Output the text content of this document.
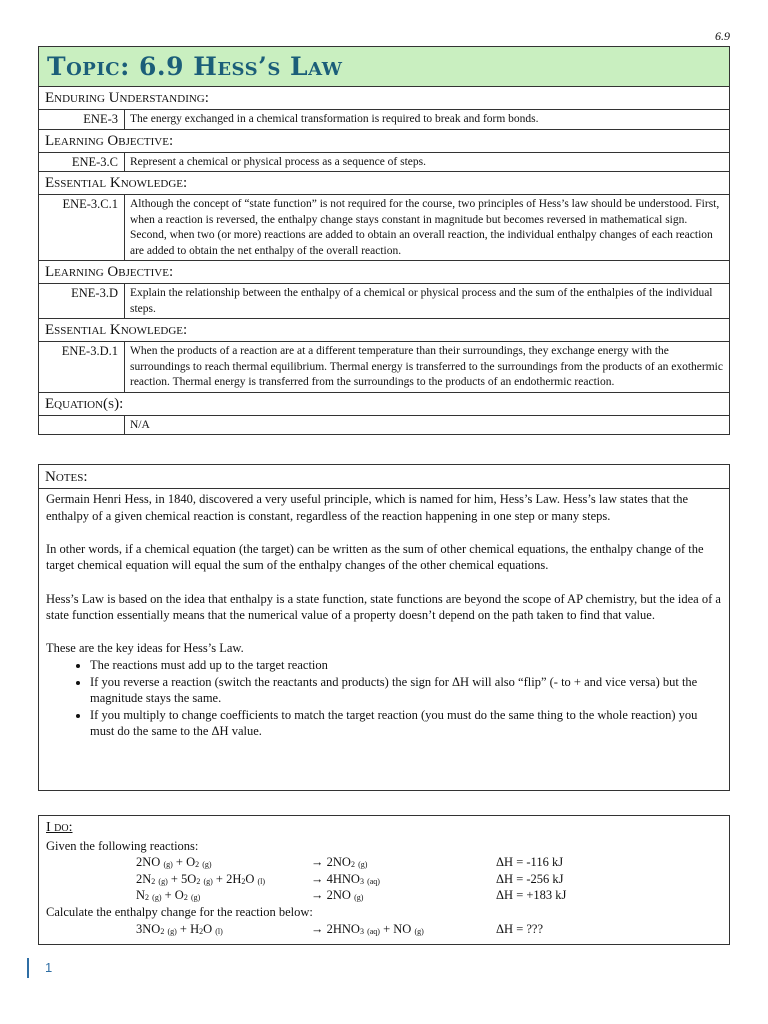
6.9
Topic: 6.9 Hess’s Law
Enduring Understanding:
ENE-3	The energy exchanged in a chemical transformation is required to break and form bonds.
Learning Objective:
ENE-3.C	Represent a chemical or physical process as a sequence of steps.
Essential Knowledge:
ENE-3.C.1	Although the concept of “state function” is not required for the course, two principles of Hess’s law should be understood. First, when a reaction is reversed, the enthalpy change stays constant in magnitude but becomes reversed in mathematical sign. Second, when two (or more) reactions are added to obtain an overall reaction, the individual enthalpy changes of each reaction are added to obtain the net enthalpy of the overall reaction.
Learning Objective:
ENE-3.D	Explain the relationship between the enthalpy of a chemical or physical process and the sum of the enthalpies of the individual steps.
Essential Knowledge:
ENE-3.D.1	When the products of a reaction are at a different temperature than their surroundings, they exchange energy with the surroundings to reach thermal equilibrium. Thermal energy is transferred to the surroundings from the products of an exothermic reaction. Thermal energy is transferred from the surroundings to the products of an endothermic reaction.
Equation(s):
N/A
Notes:

Germain Henri Hess, in 1840, discovered a very useful principle, which is named for him, Hess’s Law. Hess’s law states that the enthalpy of a given chemical reaction is constant, regardless of the reaction happening in one step or many steps.

In other words, if a chemical equation (the target) can be written as the sum of other chemical equations, the enthalpy change of the target chemical equation will equal the sum of the enthalpy changes of the other chemical equations.

Hess’s Law is based on the idea that enthalpy is a state function, state functions are beyond the scope of AP chemistry, but the idea of a state function essentially means that the numerical value of a property doesn’t depend on the path taken to find that value.

These are the key ideas for Hess’s Law.

• The reactions must add up to the target reaction
• If you reverse a reaction (switch the reactants and products) the sign for ΔH will also “flip” (- to + and vice versa) but the magnitude stays the same.
• If you multiply to change coefficients to match the target reaction (you must do the same thing to the whole reaction) you must do the same to the ΔH value.
I do:
Given the following reactions:
2NO $_{(g)} + O_2$ $_{(g)}$	→ $2NO_2$ $_{(g)}$	ΔH = -116 kJ
$2N_2$ $_{(g)} + 5O_2$ $_{(g)} + 2H_2O$ $_{(l)}$	→ $4HNO_3$ $_{(aq)}$	ΔH = -256 kJ
$N_2$ $_{(g)} + O_2$ $_{(g)}$	→ 2NO $_{(g)}$	ΔH = +183 kJ
Calculate the enthalpy change for the reaction below:
$3NO_2$ $_{(g)} + H_2O$ $_{(l)}$	→ $2HNO_3$ $_{(aq)}$ + NO $_{(g)}$	ΔH = ???
1
